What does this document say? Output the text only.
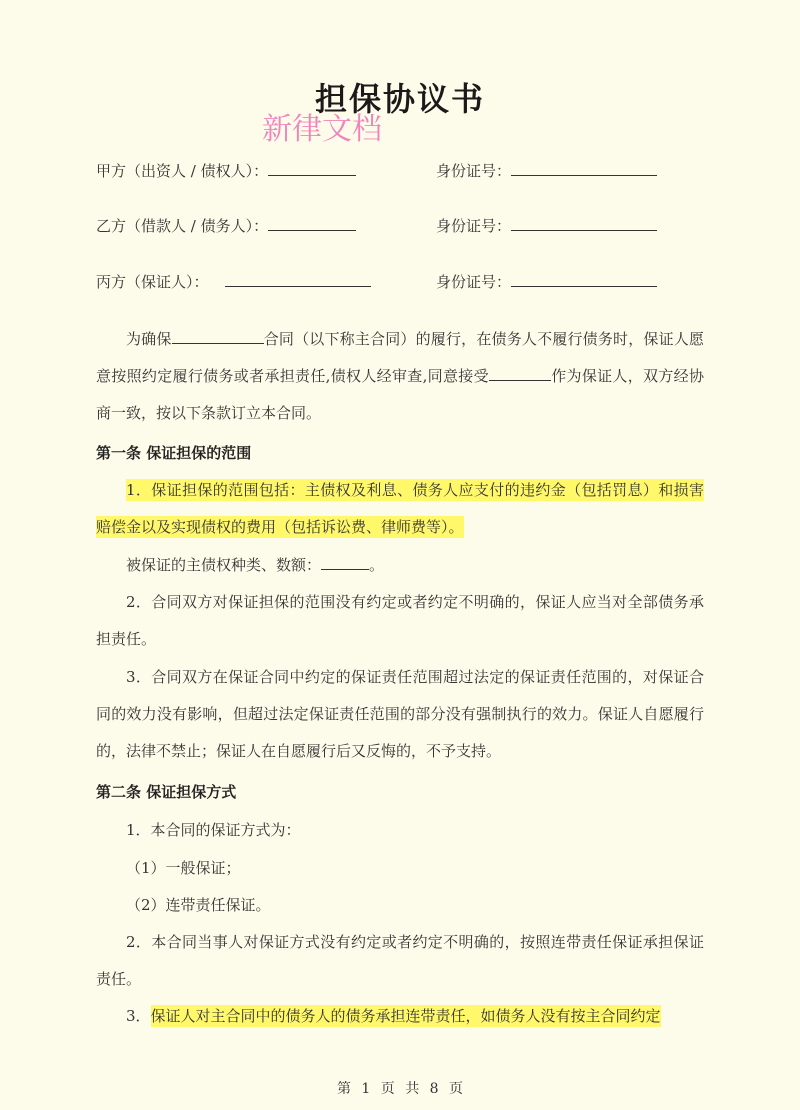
担保协议书
新律文档
甲方（出资人 / 债权人）：	身份证号：
乙方（借款人 / 债务人）：	身份证号：
丙方（保证人）：	身份证号：
为确保	合同（以下称主合同）的履行，在债务人不履行债务时，保证人愿意按照约定履行债务或者承担责任,债权人经审查,同意接受	作为保证人，双方经协商一致，按以下条款订立本合同。
第一条 保证担保的范围
1．保证担保的范围包括：主债权及利息、债务人应支付的违约金（包括罚息）和损害赔偿金以及实现债权的费用（包括诉讼费、律师费等）。
被保证的主债权种类、数额：	。
2．合同双方对保证担保的范围没有约定或者约定不明确的，保证人应当对全部债务承担责任。
3．合同双方在保证合同中约定的保证责任范围超过法定的保证责任范围的，对保证合同的效力没有影响，但超过法定保证责任范围的部分没有强制执行的效力。保证人自愿履行的，法律不禁止；保证人在自愿履行后又反悔的，不予支持。
第二条 保证担保方式
1．本合同的保证方式为：
（1）一般保证；
（2）连带责任保证。
2．本合同当事人对保证方式没有约定或者约定不明确的，按照连带责任保证承担保证责任。
3．保证人对主合同中的债务人的债务承担连带责任，如债务人没有按主合同约定
第 1 页 共 8 页
